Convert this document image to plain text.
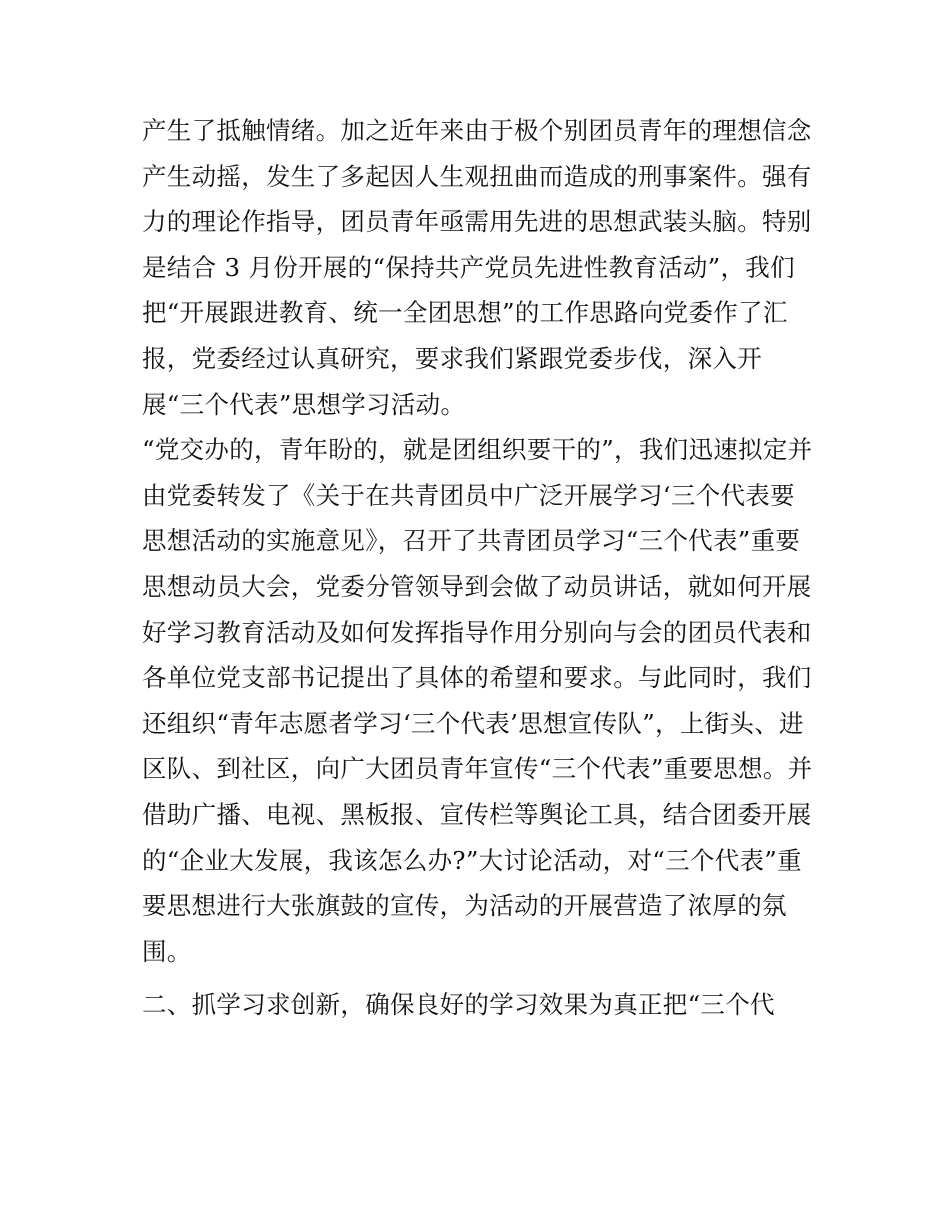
产生了抵触情绪。加之近年来由于极个别团员青年的理想信念
产生动摇，发生了多起因人生观扭曲而造成的刑事案件。强有
力的理论作指导，团员青年亟需用先进的思想武装头脑。特别
是结合 3 月份开展的“保持共产党员先进性教育活动”，我们
把“开展跟进教育、统一全团思想”的工作思路向党委作了汇
报，党委经过认真研究，要求我们紧跟党委步伐，深入开
展“三个代表”思想学习活动。
“党交办的，青年盼的，就是团组织要干的”，我们迅速拟定并
由党委转发了《关于在共青团员中广泛开展学习‘三个代表要
思想活动的实施意见》，召开了共青团员学习“三个代表”重要
思想动员大会，党委分管领导到会做了动员讲话，就如何开展
好学习教育活动及如何发挥指导作用分别向与会的团员代表和
各单位党支部书记提出了具体的希望和要求。与此同时，我们
还组织“青年志愿者学习‘三个代表’思想宣传队”，上街头、进
区队、到社区，向广大团员青年宣传“三个代表”重要思想。并
借助广播、电视、黑板报、宣传栏等舆论工具，结合团委开展
的“企业大发展，我该怎么办?”大讨论活动，对“三个代表”重
要思想进行大张旗鼓的宣传，为活动的开展营造了浓厚的氛
围。
二、抓学习求创新，确保良好的学习效果为真正把“三个代
